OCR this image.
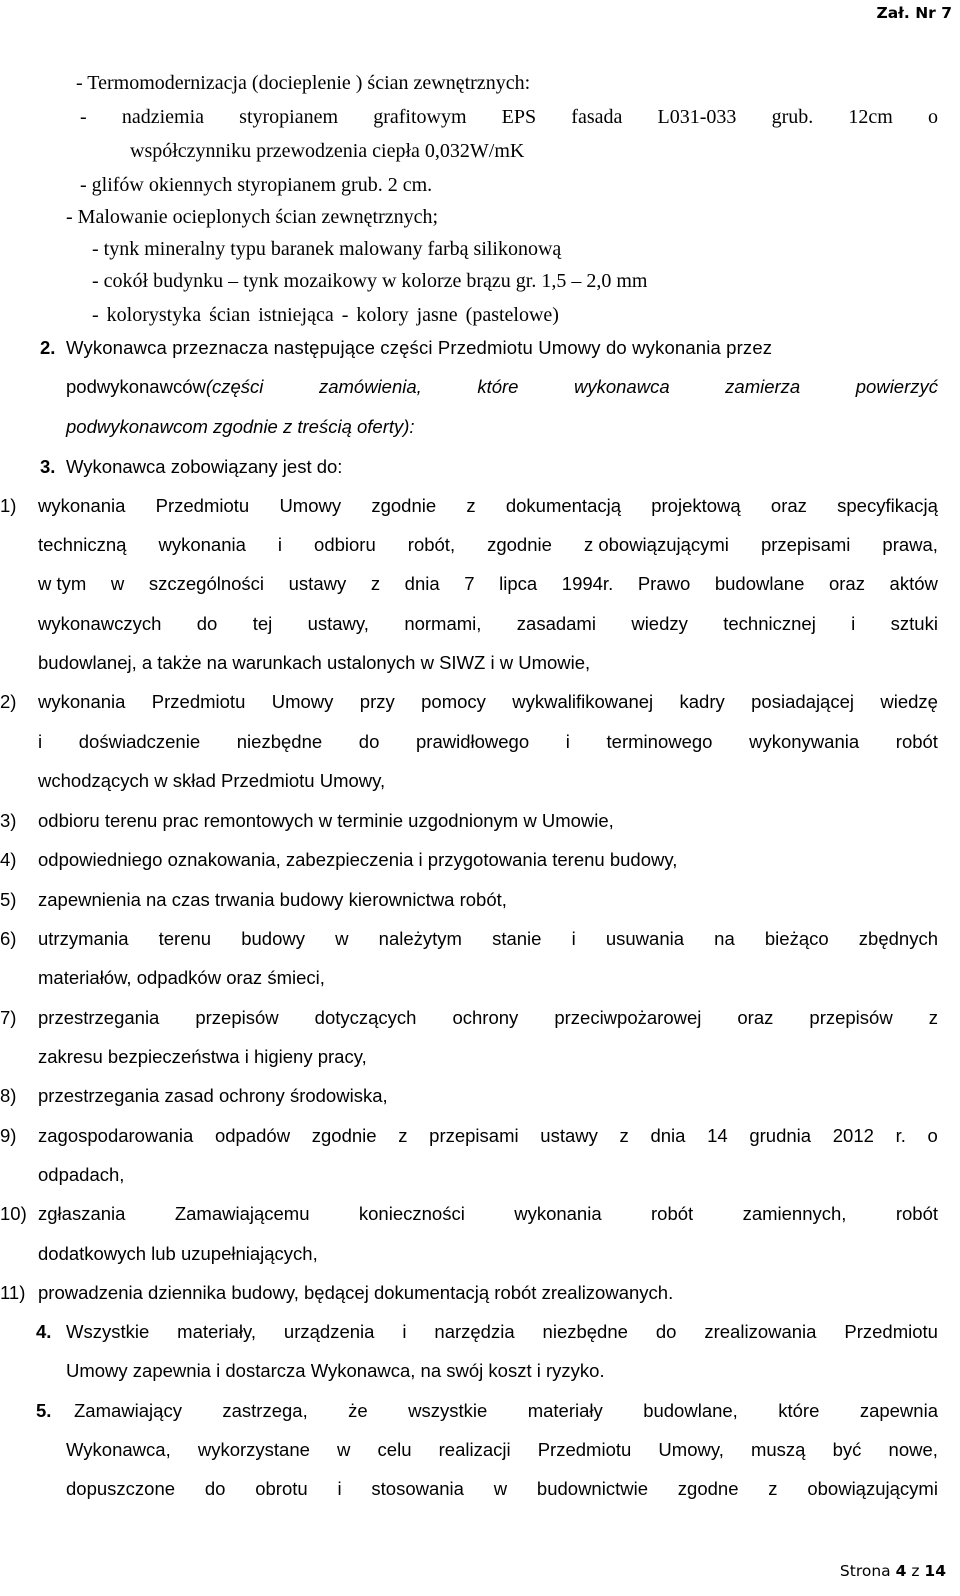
Zał. Nr 7
- Termomodernizacja (docieplenie ) ścian zewnętrznych:
- nadziemia styropianem grafitowym EPS fasada L031-033 grub. 12cm o
współczynniku przewodzenia ciepła 0,032W/mK
- glifów okiennych styropianem grub. 2 cm.
- Malowanie ocieplonych ścian zewnętrznych;
- tynk mineralny typu baranek malowany farbą silikonową
- cokół budynku – tynk mozaikowy w kolorze brązu gr. 1,5 – 2,0 mm
- kolorystyka ścian istniejąca - kolory jasne (pastelowe)
2. Wykonawca przeznacza następujące części Przedmiotu Umowy do wykonania przez
podwykonawców(części	zamówienia,	które	wykonawca	zamierza	powierzyć
podwykonawcom zgodnie z treścią oferty):
3. Wykonawca zobowiązany jest do:
1) wykonania Przedmiotu Umowy zgodnie z dokumentacją projektową oraz specyfikacją
techniczną wykonania i odbioru robót, zgodnie z obowiązującymi przepisami prawa,
w tym w szczególności ustawy z dnia 7 lipca 1994r. Prawo budowlane oraz aktów
wykonawczych do tej ustawy, normami, zasadami wiedzy technicznej i sztuki
budowlanej, a także na warunkach ustalonych w SIWZ i w Umowie,
2) wykonania Przedmiotu Umowy przy pomocy wykwalifikowanej kadry posiadającej wiedzę
i doświadczenie niezbędne do prawidłowego i terminowego wykonywania robót
wchodzących w skład Przedmiotu Umowy,
3) odbioru terenu prac remontowych w terminie uzgodnionym w Umowie,
4) odpowiedniego oznakowania, zabezpieczenia i przygotowania terenu budowy,
5) zapewnienia na czas trwania budowy kierownictwa robót,
6) utrzymania terenu budowy w należytym stanie i usuwania na bieżąco zbędnych
materiałów, odpadków oraz śmieci,
7) przestrzegania przepisów dotyczących ochrony przeciwpożarowej oraz przepisów z
zakresu bezpieczeństwa i higieny pracy,
8) przestrzegania zasad ochrony środowiska,
9) zagospodarowania odpadów zgodnie z przepisami ustawy z dnia 14 grudnia 2012 r. o
odpadach,
10) zgłaszania	Zamawiającemu	konieczności	wykonania	robót	zamiennych,	robót
dodatkowych lub uzupełniających,
11) prowadzenia dziennika budowy, będącej dokumentacją robót zrealizowanych.
4. Wszystkie materiały, urządzenia i narzędzia niezbędne do zrealizowania Przedmiotu
Umowy zapewnia i dostarcza Wykonawca, na swój koszt i ryzyko.
5. Zamawiający zastrzega, że wszystkie materiały budowlane, które zapewnia
Wykonawca, wykorzystane w celu realizacji Przedmiotu Umowy, muszą być nowe,
dopuszczone do obrotu i stosowania w budownictwie zgodne z obowiązującymi
Strona 4 z 14
